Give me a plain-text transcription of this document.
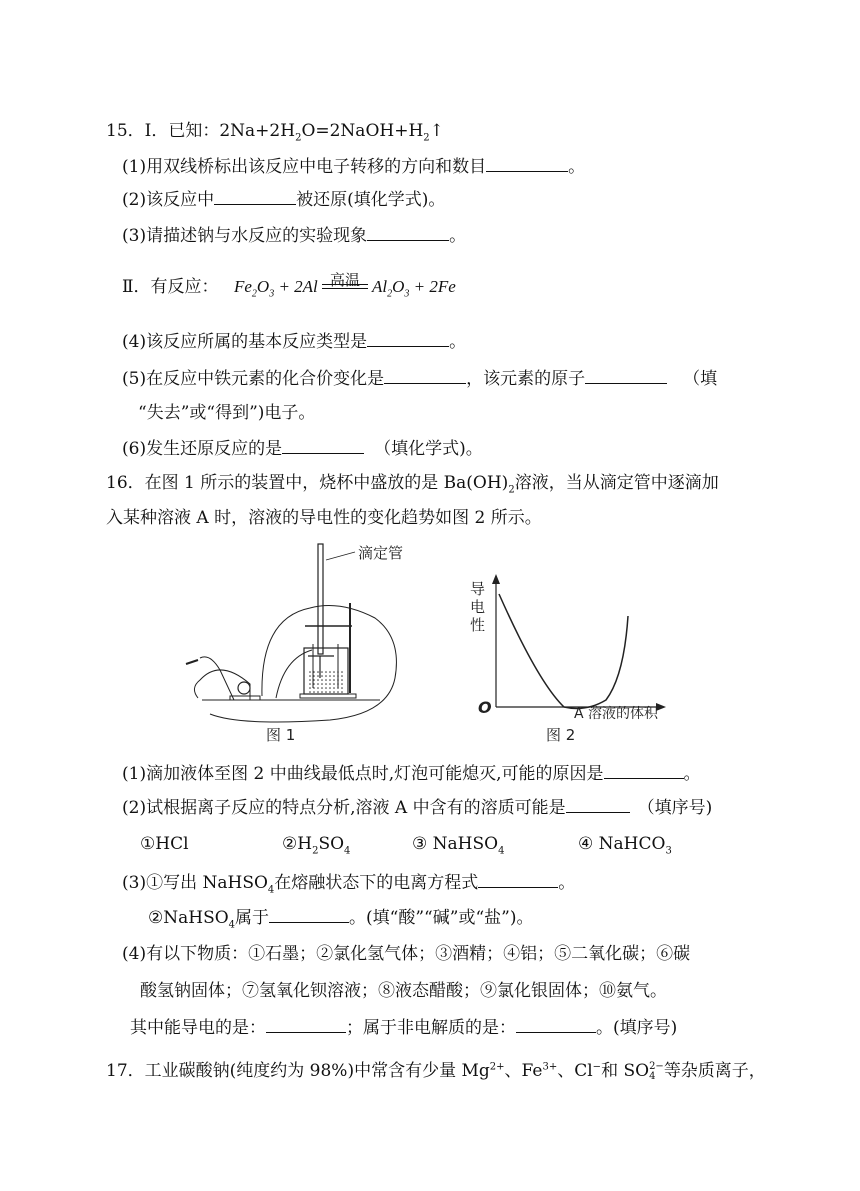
15．Ⅰ．已知：$2Na+2H_2O=2NaOH+H_2↑$
(1)用双线桥标出该反应中电子转移的方向和数目	。
(2)该反应中	被还原(填化学式)。
(3)请描述钠与水反应的实验现象	。
Ⅱ．有反应： $Fe_2O_3 + 2Al$ 高温 $Al_2O_3 + 2Fe$
(4)该反应所属的基本反应类型是	。
(5)在反应中铁元素的化合价变化是	，该元素的原子	（填
“失去”或“得到”)电子。
(6)发生还原反应的是	（填化学式)。
16．在图 1 所示的装置中，烧杯中盛放的是 $Ba(OH)_2$溶液，当从滴定管中逐滴加
入某种溶液 A 时，溶液的导电性的变化趋势如图 2 所示。
滴定管
图 1
导
电
性
O	A 溶液的体积
图 2
(1)滴加液体至图 2 中曲线最低点时,灯泡可能熄灭,可能的原因是	。
(2)试根据离子反应的特点分析,溶液 A 中含有的溶质可能是	（填序号)
①HCl	$②H_2SO_4$	③ NaHSO$_4$	④ NaHCO$_3$
(3)①写出 NaHSO$_4$在熔融状态下的电离方程式	。
②NaHSO$_4$属于	。(填“酸”“碱”或“盐”)。
(4)有以下物质：①石墨；②氯化氢气体；③酒精；④铝；⑤二氧化碳；⑥碳
酸氢钠固体；⑦氢氧化钡溶液；⑧液态醋酸；⑨氯化银固体；⑩氨气。
其中能导电的是：	；属于非电解质的是：	。(填序号)
17．工业碳酸钠(纯度约为 98%)中常含有少量 $Mg^{2+}$、$Fe^{3+}$、Cl−和 SO 2−
4 等杂质离子，
